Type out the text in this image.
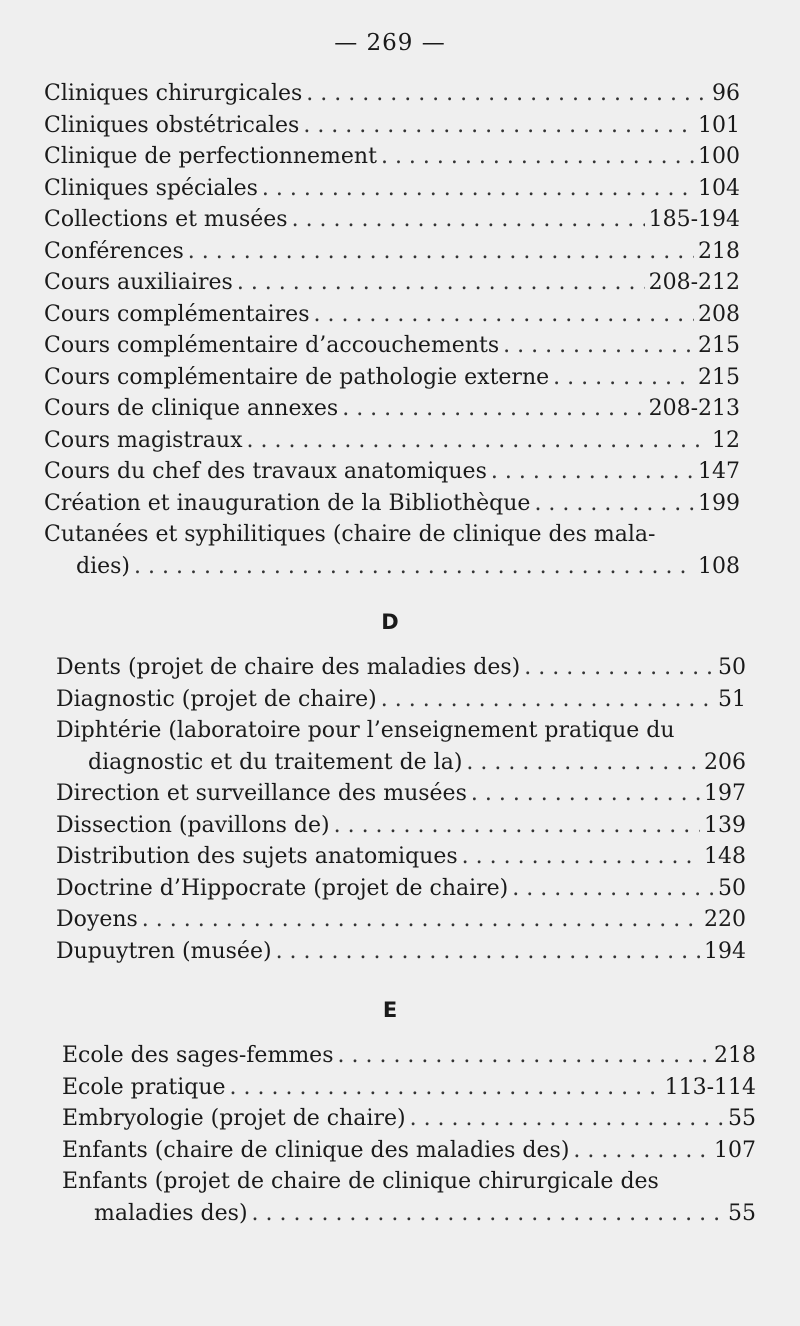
— 269 —
Cliniques chirurgicales . . .	96
Cliniques obstétricales . . .	101
Clinique de perfectionnement . . .	100
Cliniques spéciales . . .	104
Collections et musées . . .	185-194
Conférences . . .	218
Cours auxiliaires . . .	208-212
Cours complémentaires . . .	208
Cours complémentaire d’accouchements . . .	215
Cours complémentaire de pathologie externe . . .	215
Cours de clinique annexes . . .	208-213
Cours magistraux . . .	12
Cours du chef des travaux anatomiques . . .	147
Création et inauguration de la Bibliothèque . . .	199
Cutanées et syphilitiques (chaire de clinique des mala-
dies) . . .	108
D
Dents (projet de chaire des maladies des) . . .	50
Diagnostic (projet de chaire) . . .	51
Diphtérie (laboratoire pour l’enseignement pratique du
diagnostic et du traitement de la) . . .	206
Direction et surveillance des musées . . .	197
Dissection (pavillons de) . . .	139
Distribution des sujets anatomiques . . .	148
Doctrine d’Hippocrate (projet de chaire) . . .	50
Doyens . . .	220
Dupuytren (musée) . . .	194
E
Ecole des sages-femmes . . .	218
Ecole pratique . . .	113-114
Embryologie (projet de chaire) . . .	55
Enfants (chaire de clinique des maladies des) . . .	107
Enfants (projet de chaire de clinique chirurgicale des
maladies des) . . .	55
